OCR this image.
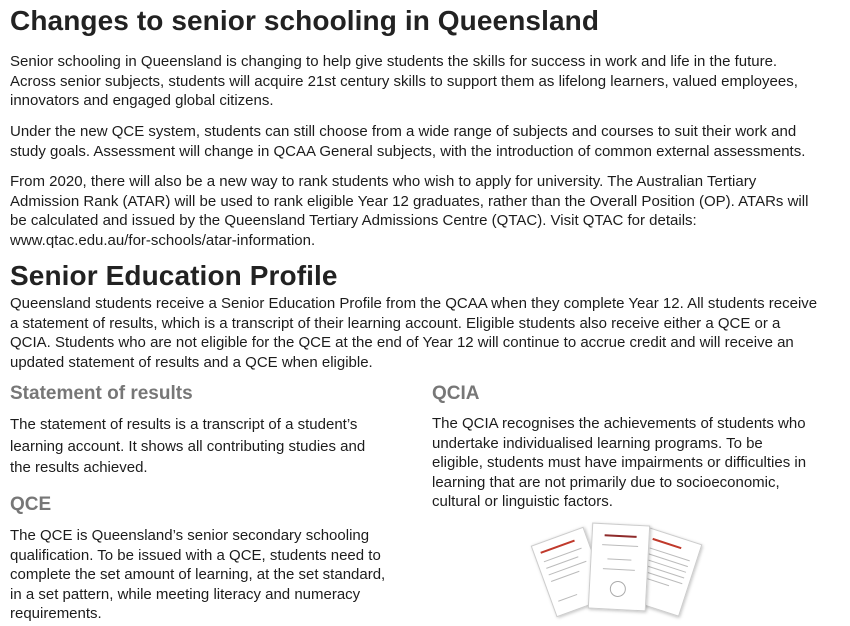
Changes to senior schooling in Queensland

Senior schooling in Queensland is changing to help give students the skills for success in work and life in the future. Across senior subjects, students will acquire 21st century skills to support them as lifelong learners, valued employees, innovators and engaged global citizens.

Under the new QCE system, students can still choose from a wide range of subjects and courses to suit their work and study goals. Assessment will change in QCAA General subjects, with the introduction of common external assessments.

From 2020, there will also be a new way to rank students who wish to apply for university. The Australian Tertiary Admission Rank (ATAR) will be used to rank eligible Year 12 graduates, rather than the Overall Position (OP). ATARs will be calculated and issued by the Queensland Tertiary Admissions Centre (QTAC). Visit QTAC for details: www.qtac.edu.au/for-schools/atar-information.

Senior Education Profile

Queensland students receive a Senior Education Profile from the QCAA when they complete Year 12. All students receive a statement of results, which is a transcript of their learning account. Eligible students also receive either a QCE or a QCIA. Students who are not eligible for the QCE at the end of Year 12 will continue to accrue credit and will receive an updated statement of results and a QCE when eligible.

Statement of results

The statement of results is a transcript of a student’s learning account. It shows all contributing studies and the results achieved.

QCE

The QCE is Queensland’s senior secondary schooling qualification. To be issued with a QCE, students need to complete the set amount of learning, at the set standard, in a set pattern, while meeting literacy and numeracy requirements.

QCIA

The QCIA recognises the achievements of students who undertake individualised learning programs. To be eligible, students must have impairments or difficulties in learning that are not primarily due to socioeconomic, cultural or linguistic factors.
